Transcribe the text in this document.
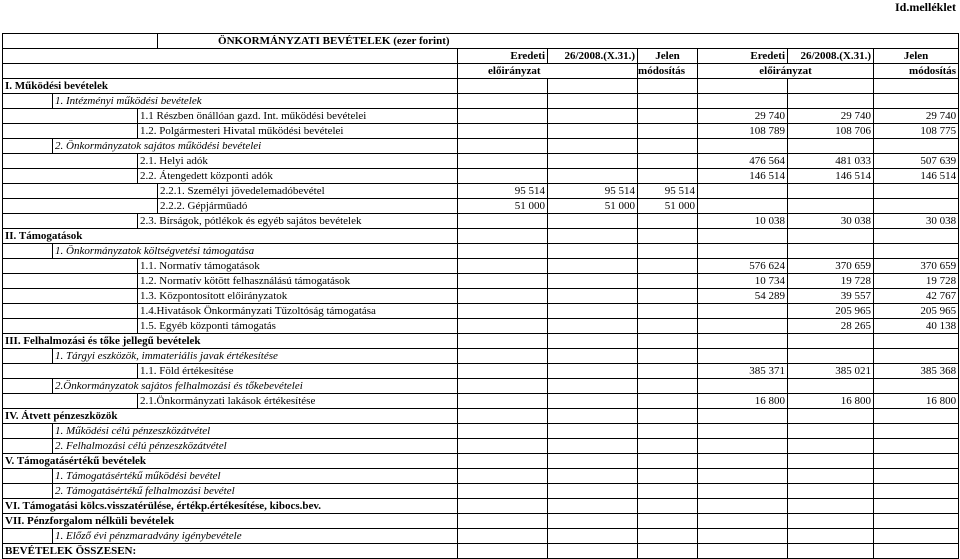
Id.melléklet
			ÖNKORMÁNYZATI BEVÉTELEK (ezer forint)						
				Eredeti	26/2008.(X.31.)	Jelen	Eredeti	26/2008.(X.31.)	Jelen
				előirányzat		módosítás	előirányzat		módosítás
I. Működési bevételek									
	1. Intézményi működési bevételek								
		1.1 Részben önállóan gazd. Int. működési bevételei					29 740	29 740	29 740
		1.2. Polgármesteri Hivatal működési bevételei					108 789	108 706	108 775
	2. Önkormányzatok sajátos működési bevételei								
		2.1. Helyi adók					476 564	481 033	507 639
		2.2. Átengedett központi adók					146 514	146 514	146 514
			2.2.1. Személyi jövedelemadóbevétel	95 514	95 514	95 514			
			2.2.2. Gépjárműadó	51 000	51 000	51 000			
		2.3. Bírságok, pótlékok és egyéb sajátos bevételek					10 038	30 038	30 038
II. Támogatások									
	1. Önkormányzatok költségvetési támogatása								
		1.1. Normatív támogatások					576 624	370 659	370 659
		1.2. Normatív kötött felhasználású támogatások					10 734	19 728	19 728
		1.3. Központosított előirányzatok					54 289	39 557	42 767
		1.4.Hivatások Önkormányzati Tűzoltóság támogatása						205 965	205 965
		1.5. Egyéb központi támogatás						28 265	40 138
III. Felhalmozási és tőke jellegű bevételek									
	1. Tárgyi eszközök, immateriális javak értékesítése								
		1.1. Föld értékesítése					385 371	385 021	385 368
	2.Önkormányzatok sajátos felhalmozási és tőkebevételei								
		2.1.Önkormányzati lakások értékesítése					16 800	16 800	16 800
IV. Átvett pénzeszközök									
	1. Működési célú pénzeszközátvétel								
	2. Felhalmozási célú pénzeszközátvétel								
V. Támogatásértékű bevételek									
	1. Támogatásértékű működési bevétel								
	2. Támogatásértékű felhalmozási bevétel								
VI. Támogatási kölcs.visszatérülése, értékp.értékesítése, kibocs.bev.									
VII. Pénzforgalom nélküli bevételek									
	1. Előző évi pénzmaradvány igénybevétele								
BEVÉTELEK ÖSSZESEN:									
